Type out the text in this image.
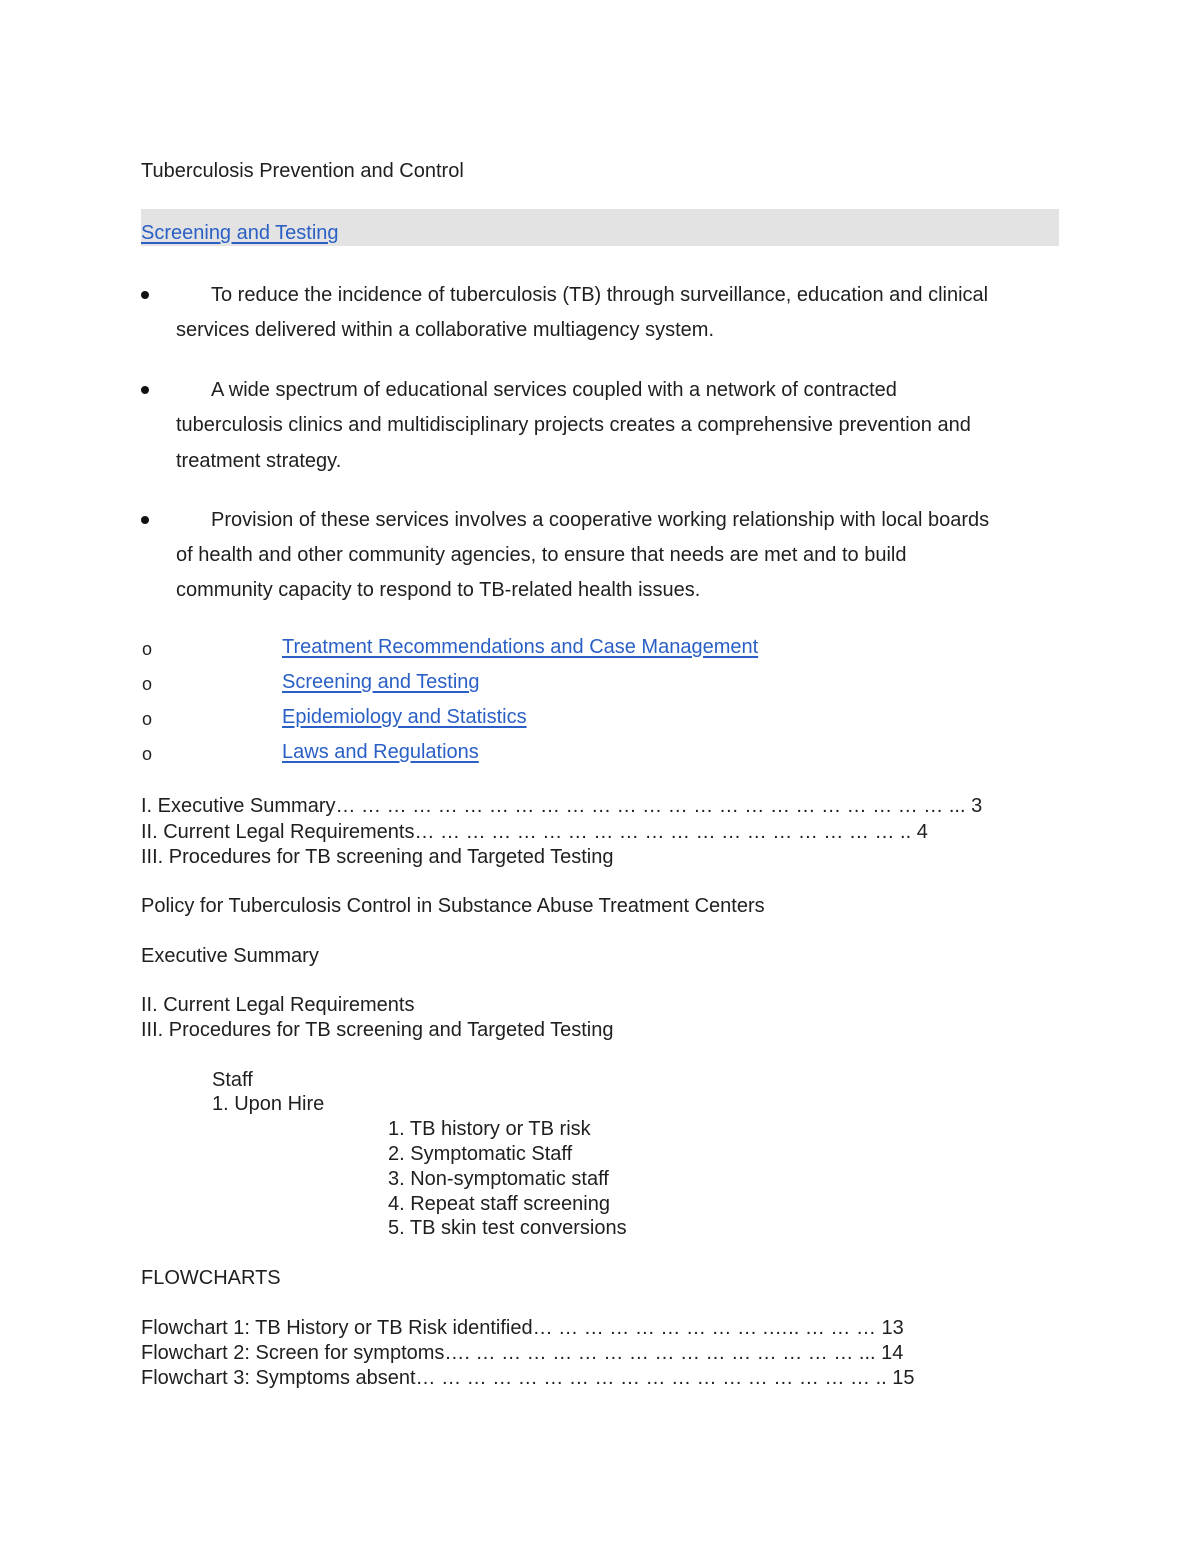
Tuberculosis Prevention and Control
Screening and Testing
To reduce the incidence of tuberculosis (TB) through surveillance, education and clinical
services delivered within a collaborative multiagency system.
A wide spectrum of educational services coupled with a network of contracted
tuberculosis clinics and multidisciplinary projects creates a comprehensive prevention and
treatment strategy.
Provision of these services involves a cooperative working relationship with local boards
of health and other community agencies, to ensure that needs are met and to build
community capacity to respond to TB-related health issues.
o	Treatment Recommendations and Case Management
o	Screening and Testing
o	Epidemiology and Statistics
o	Laws and Regulations
I. Executive Summary… … … … … … … … … … … … … … … … … … … … … … … … ... 3
II. Current Legal Requirements… … … … … … … … … … … … … … … … … … … .. 4
III. Procedures for TB screening and Targeted Testing
Policy for Tuberculosis Control in Substance Abuse Treatment Centers
Executive Summary
II. Current Legal Requirements
III. Procedures for TB screening and Targeted Testing
Staff
1. Upon Hire
1. TB history or TB risk
2. Symptomatic Staff
3. Non-symptomatic staff
4. Repeat staff screening
5. TB skin test conversions
FLOWCHARTS
Flowchart 1: TB History or TB Risk identified… … … … … … … … … .….. … … … 13
Flowchart 2: Screen for symptoms…. … … … … … … … … … … … … … … … ... 14
Flowchart 3: Symptoms absent… … … … … … … … … … … … … … … … … … .. 15
